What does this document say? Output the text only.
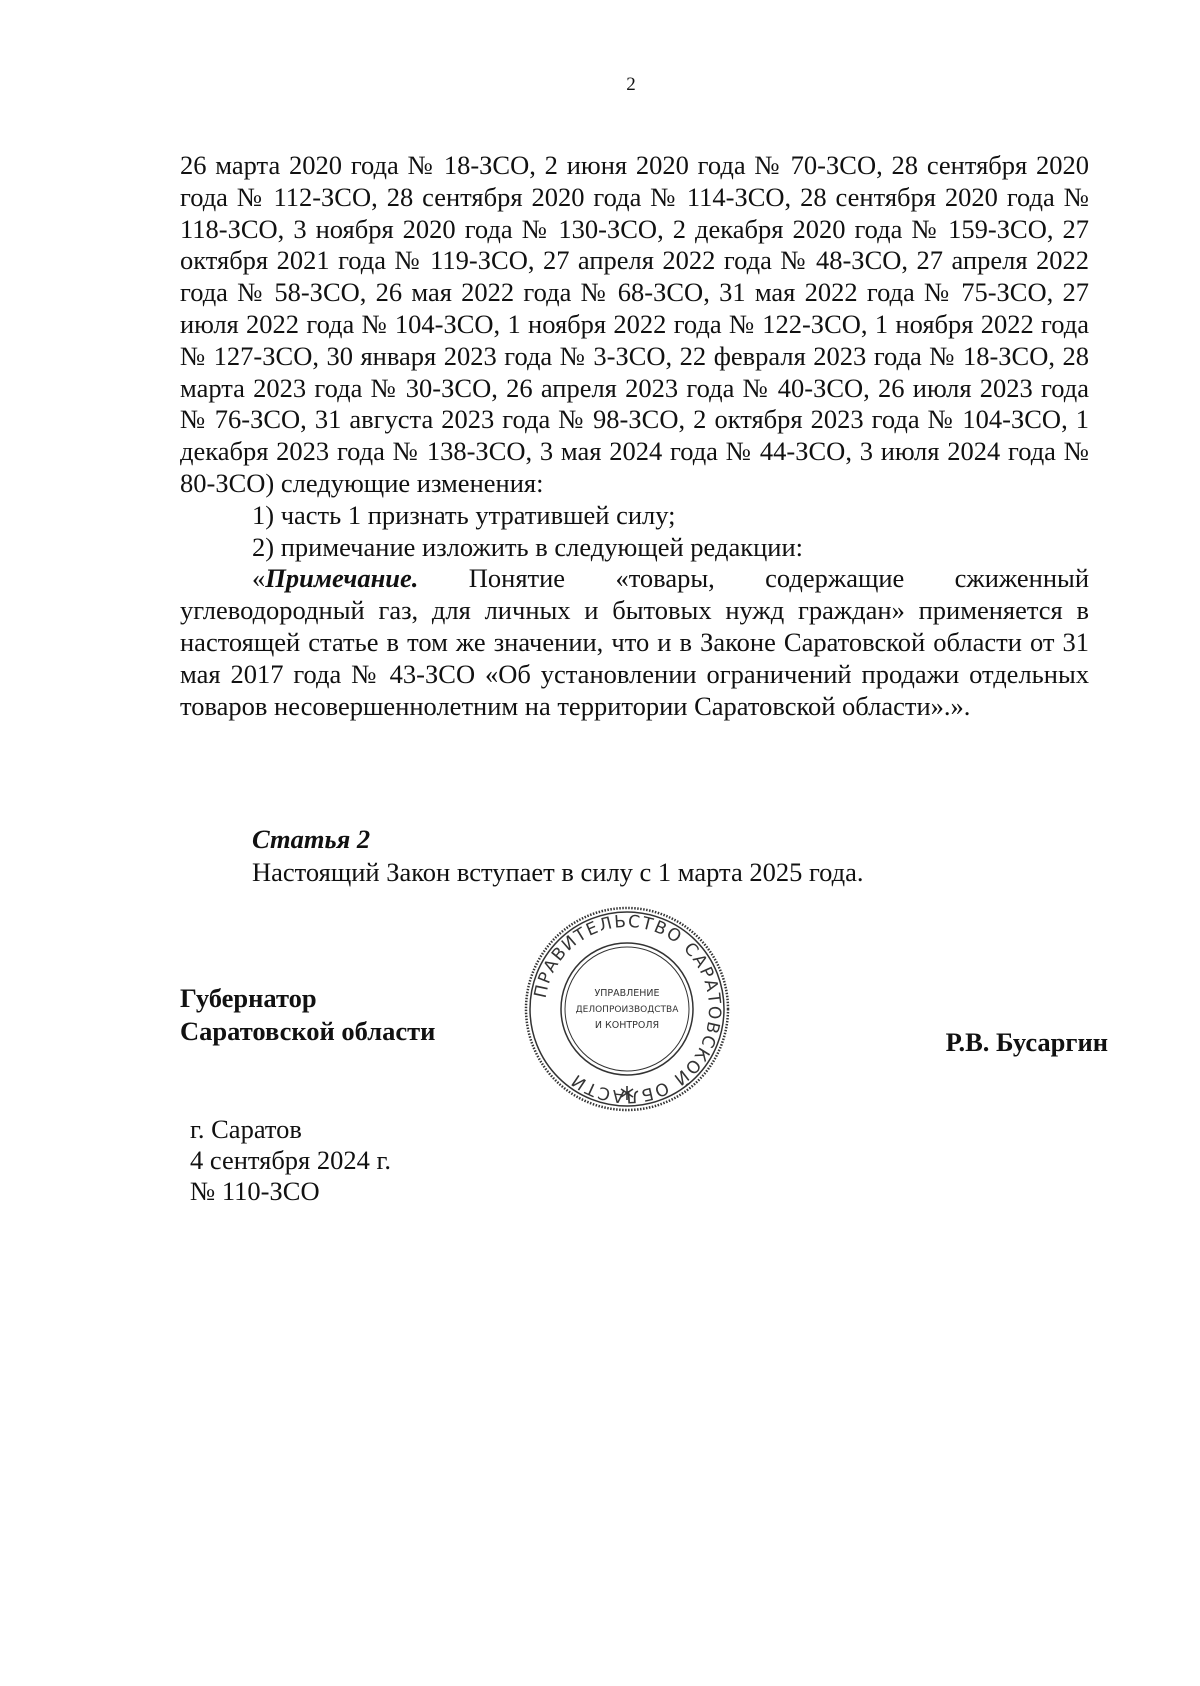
2

26 марта 2020 года № 18-ЗСО, 2 июня 2020 года № 70-ЗСО, 28 сентября 2020 года № 112-ЗСО, 28 сентября 2020 года № 114-ЗСО, 28 сентября 2020 года № 118-ЗСО, 3 ноября 2020 года № 130-ЗСО, 2 декабря 2020 года № 159-ЗСО, 27 октября 2021 года № 119-ЗСО, 27 апреля 2022 года № 48-ЗСО, 27 апреля 2022 года № 58-ЗСО, 26 мая 2022 года № 68-ЗСО, 31 мая 2022 года № 75-ЗСО, 27 июля 2022 года № 104-ЗСО, 1 ноября 2022 года № 122-ЗСО, 1 ноября 2022 года № 127-ЗСО, 30 января 2023 года № 3-ЗСО, 22 февраля 2023 года № 18-ЗСО, 28 марта 2023 года № 30-ЗСО, 26 апреля 2023 года № 40-ЗСО, 26 июля 2023 года № 76-ЗСО, 31 августа 2023 года № 98-ЗСО, 2 октября 2023 года № 104-ЗСО, 1 декабря 2023 года № 138-ЗСО, 3 мая 2024 года № 44-ЗСО, 3 июля 2024 года № 80-ЗСО) следующие изменения:

1) часть 1 признать утратившей силу;

2) примечание изложить в следующей редакции:

«Примечание. Понятие «товары, содержащие сжиженный углеводородный газ, для личных и бытовых нужд граждан» применяется в настоящей статье в том же значении, что и в Законе Саратовской области от 31 мая 2017 года № 43-ЗСО «Об установлении ограничений продажи отдельных товаров несовершеннолетним на территории Саратовской области».».

Статья 2
Настоящий Закон вступает в силу с 1 марта 2025 года.
Губернатор
Саратовской области
ПРАВИТЕЛЬСТВО САРАТОВСКОЙ ОБЛАСТИ
УПРАВЛЕНИЕ
ДЕЛОПРОИЗВОДСТВА
И КОНТРОЛЯ
Р.В. Бусаргин
г. Саратов
4 сентября 2024 г.
№ 110-ЗСО
